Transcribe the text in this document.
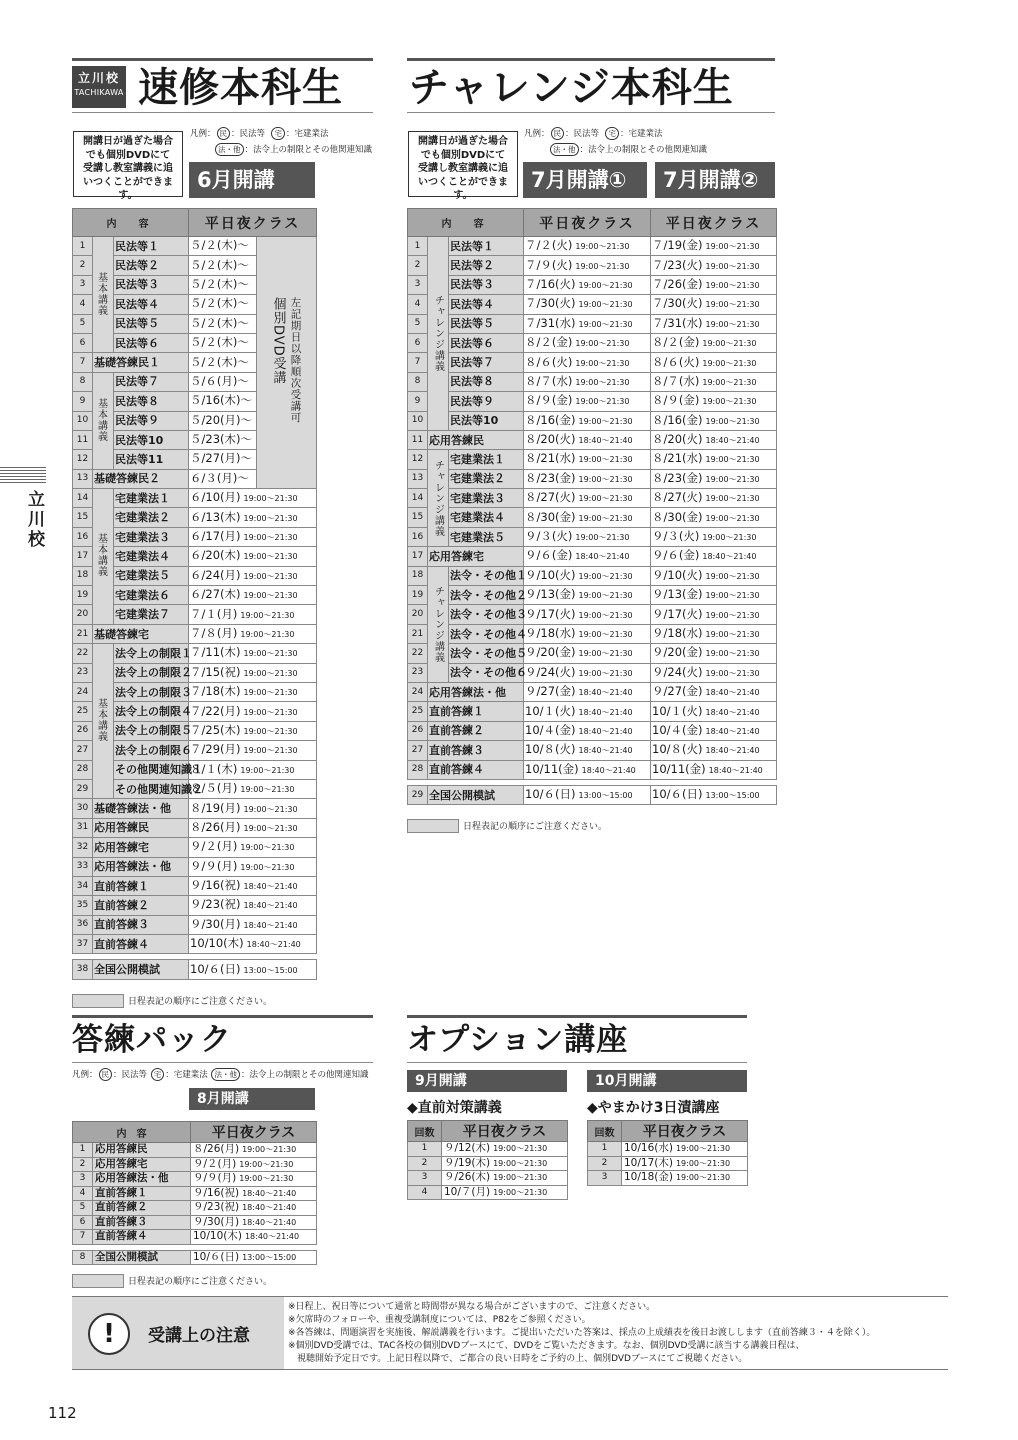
立川校
立川校
TACHIKAWA 速修本科生
開講日が過ぎた場合
でも個別DVDにて
受講し教室講義に追
いつくことができます。
凡例： 民 ：民法等 宅 ：宅建業法
法・他 ：法令上の制限とその他関連知識
6月開講
内　容			平日夜クラス	
1	基本講義	民法等１	５/２(木)～	個別DVD受講 左記期日以降順次受講可

2		民法等２	５/２(木)～	
3		民法等３	５/２(木)～	
4		民法等４	５/２(木)～	
5		民法等５	５/２(木)～	
6		民法等６	５/２(木)～	
7	基礎答練民１		５/２(木)～	
8	基本講義	民法等７	５/６(月)～	
9		民法等８	５/16(木)～	
10		民法等９	５/20(月)～	
11		民法等10	５/23(木)～	
12		民法等11	５/27(月)～	
13	基礎答練民２		６/３(月)～	
14	基本講義	宅建業法１	６/10(月) 19:00～21:30	
15		宅建業法２	６/13(木) 19:00～21:30	
16		宅建業法３	６/17(月) 19:00～21:30	
17		宅建業法４	６/20(木) 19:00～21:30	
18		宅建業法５	６/24(月) 19:00～21:30	
19		宅建業法６	６/27(木) 19:00～21:30	
20		宅建業法７	７/１(月) 19:00～21:30	
21	基礎答練宅		７/８(月) 19:00～21:30	
22	基本講義	法令上の制限１	７/11(木) 19:00～21:30	
23		法令上の制限２	７/15(祝) 19:00～21:30	
24		法令上の制限３	７/18(木) 19:00～21:30	
25		法令上の制限４	７/22(月) 19:00～21:30	
26		法令上の制限５	７/25(木) 19:00～21:30	
27		法令上の制限６	７/29(月) 19:00～21:30	
28		その他関連知識１	８/１(木) 19:00～21:30	
29		その他関連知識２	８/５(月) 19:00～21:30	
30	基礎答練法・他		８/19(月) 19:00～21:30	
31	応用答練民		８/26(月) 19:00～21:30	
32	応用答練宅		９/２(月) 19:00～21:30	
33	応用答練法・他		９/９(月) 19:00～21:30	
34	直前答練１		９/16(祝) 18:40～21:40	
35	直前答練２		９/23(祝) 18:40～21:40	
36	直前答練３		９/30(月) 18:40～21:40	
37	直前答練４		10/10(木) 18:40～21:40	

38	全国公開模試		10/６(日) 13:00～15:00	
日程表記の順序にご注意ください。
チャレンジ本科生
開講日が過ぎた場合
でも個別DVDにて
受講し教室講義に追
いつくことができます。
凡例： 民 ：民法等 宅 ：宅建業法
法・他 ：法令上の制限とその他関連知識
7月開講①	7月開講②
内　容			平日夜クラス	平日夜クラス
1	チャレンジ講義	民法等１	７/２(火) 19:00～21:30	７/19(金) 19:00～21:30
2		民法等２	７/９(火) 19:00～21:30	７/23(火) 19:00～21:30
3		民法等３	７/16(火) 19:00～21:30	７/26(金) 19:00～21:30
4		民法等４	７/30(火) 19:00～21:30	７/30(火) 19:00～21:30
5		民法等５	７/31(水) 19:00～21:30	７/31(水) 19:00～21:30
6		民法等６	８/２(金) 19:00～21:30	８/２(金) 19:00～21:30
7		民法等７	８/６(火) 19:00～21:30	８/６(火) 19:00～21:30
8		民法等８	８/７(水) 19:00～21:30	８/７(水) 19:00～21:30
9		民法等９	８/９(金) 19:00～21:30	８/９(金) 19:00～21:30
10		民法等10	８/16(金) 19:00～21:30	８/16(金) 19:00～21:30
11	応用答練民		８/20(火) 18:40～21:40	８/20(火) 18:40～21:40
12	チャレンジ講義	宅建業法１	８/21(水) 19:00～21:30	８/21(水) 19:00～21:30
13		宅建業法２	８/23(金) 19:00～21:30	８/23(金) 19:00～21:30
14		宅建業法３	８/27(火) 19:00～21:30	８/27(火) 19:00～21:30
15		宅建業法４	８/30(金) 19:00～21:30	８/30(金) 19:00～21:30
16		宅建業法５	９/３(火) 19:00～21:30	９/３(火) 19:00～21:30
17	応用答練宅		９/６(金) 18:40～21:40	９/６(金) 18:40～21:40
18	チャレンジ講義	法令・その他１	９/10(火) 19:00～21:30	９/10(火) 19:00～21:30
19		法令・その他２	９/13(金) 19:00～21:30	９/13(金) 19:00～21:30
20		法令・その他３	９/17(火) 19:00～21:30	９/17(火) 19:00～21:30
21		法令・その他４	９/18(水) 19:00～21:30	９/18(水) 19:00～21:30
22		法令・その他５	９/20(金) 19:00～21:30	９/20(金) 19:00～21:30
23		法令・その他６	９/24(火) 19:00～21:30	９/24(火) 19:00～21:30
24	応用答練法・他		９/27(金) 18:40～21:40	９/27(金) 18:40～21:40
25	直前答練１		10/１(火) 18:40～21:40	10/１(火) 18:40～21:40
26	直前答練２		10/４(金) 18:40～21:40	10/４(金) 18:40～21:40
27	直前答練３		10/８(火) 18:40～21:40	10/８(火) 18:40～21:40
28	直前答練４		10/11(金) 18:40～21:40	10/11(金) 18:40～21:40

29	全国公開模試		10/６(日) 13:00～15:00	10/６(日) 13:00～15:00
日程表記の順序にご注意ください。
答練パック
凡例： 民 ：民法等 宅 ：宅建業法 法・他 ：法令上の制限とその他関連知識
8月開講
内　容		平日夜クラス
1	応用答練民	８/26(月) 19:00～21:30
2	応用答練宅	９/２(月) 19:00～21:30
3	応用答練法・他	９/９(月) 19:00～21:30
4	直前答練１	９/16(祝) 18:40～21:40
5	直前答練２	９/23(祝) 18:40～21:40
6	直前答練３	９/30(月) 18:40～21:40
7	直前答練４	10/10(木) 18:40～21:40

8	全国公開模試	10/６(日) 13:00～15:00
日程表記の順序にご注意ください。
オプション講座
9月開講
◆直前対策講義
回数	平日夜クラス
1	９/12(木) 19:00～21:30
2	９/19(木) 19:00～21:30
3	９/26(木) 19:00～21:30
4	10/７(月) 19:00～21:30
10月開講
◆やまかけ3日漬講座
回数	平日夜クラス
1	10/16(水) 19:00～21:30
2	10/17(木) 19:00～21:30
3	10/18(金) 19:00～21:30
!	受講上の注意
※日程上、祝日等について通常と時間帯が異なる場合がございますので、ご注意ください。
※欠席時のフォローや、重複受講制度については、P82をご参照ください。
※各答練は、問題演習を実施後、解説講義を行います。ご提出いただいた答案は、採点の上成績表を後日お渡しします（直前答練３・４を除く）。
※個別DVD受講では、TAC各校の個別DVDブースにて、DVDをご覧いただきます。なお、個別DVD受講に該当する講義日程は、
　視聴開始予定日です。上記日程以降で、ご都合の良い日時をご予約の上、個別DVDブースにてご視聴ください。
112
